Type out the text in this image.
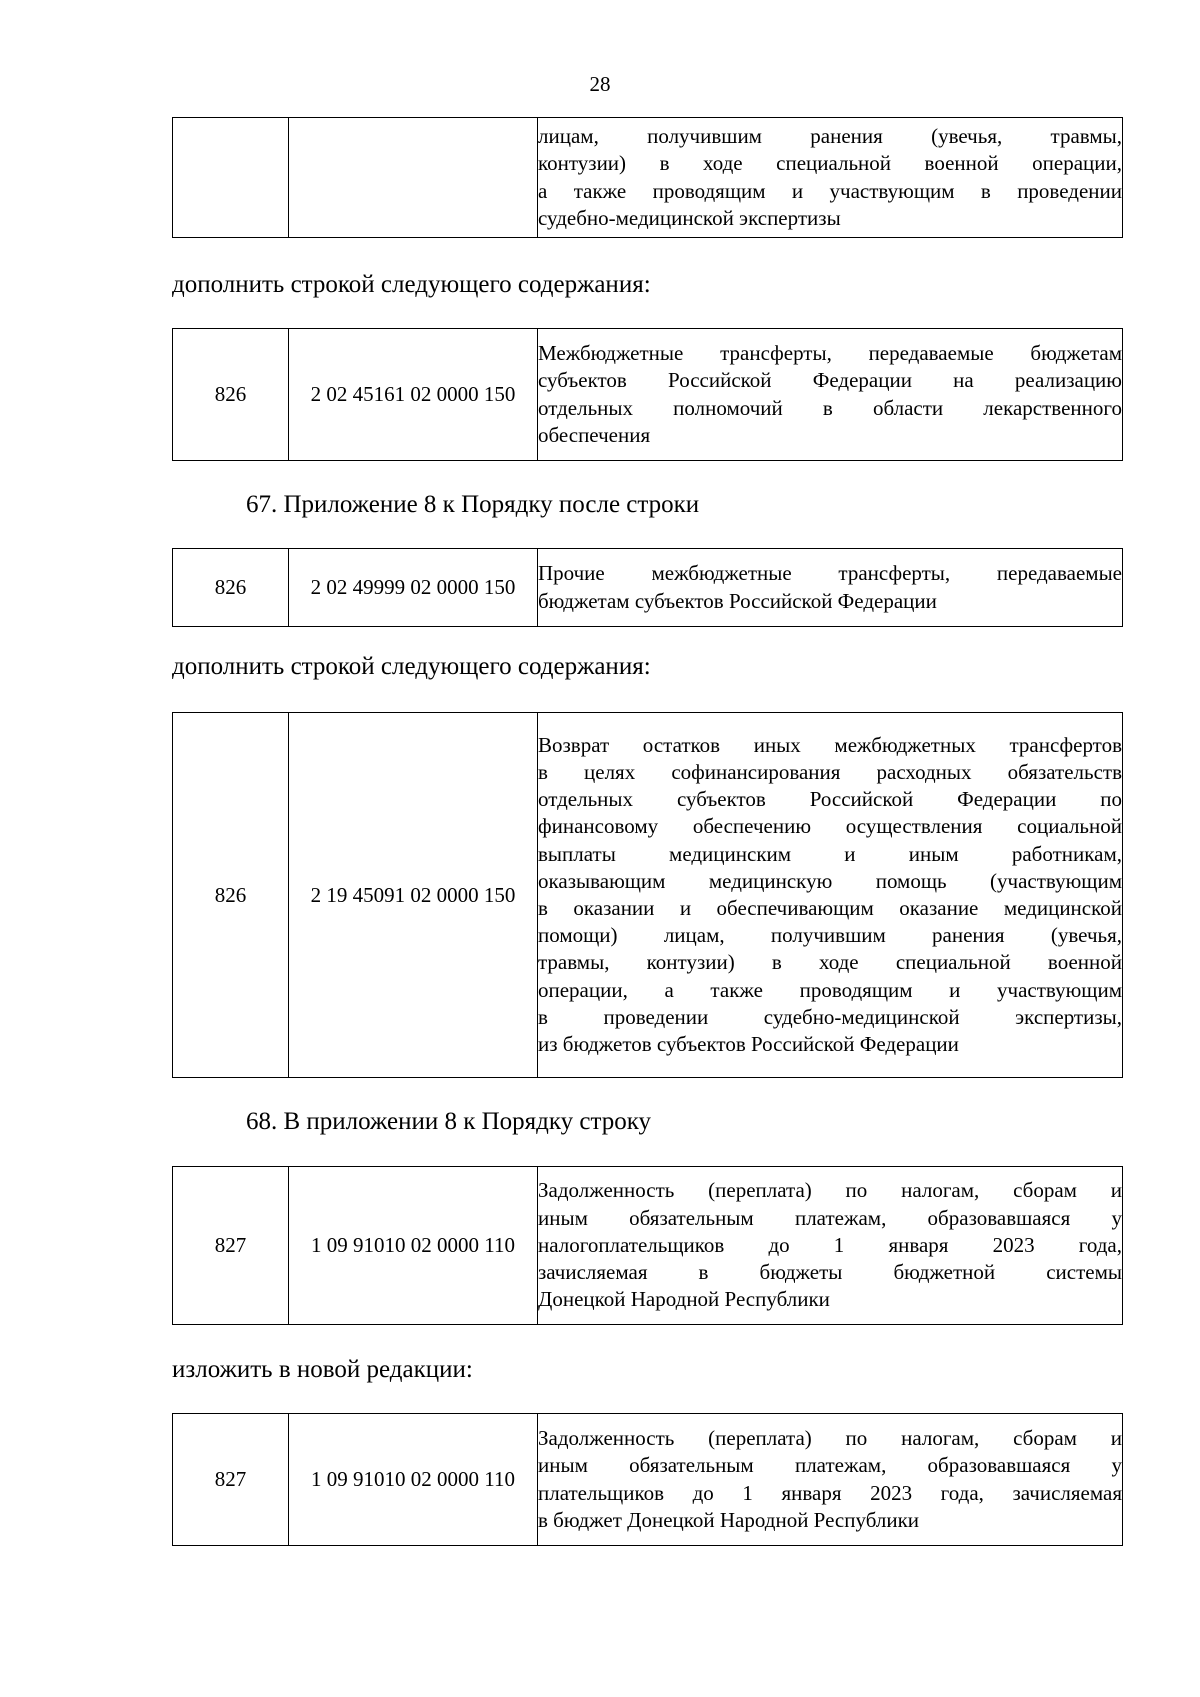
28

лицам, получившим ранения (увечья, травмы,
контузии) в ходе специальной военной операции,
а также проводящим и участвующим в проведении
судебно-медицинской экспертизы
дополнить строкой следующего содержания:
826	2 02 45161 02 0000 150	
Межбюджетные трансферты, передаваемые бюджетам
субъектов Российской Федерации на реализацию
отдельных полномочий в области лекарственного
обеспечения
67. Приложение 8 к Порядку после строки
826	2 02 49999 02 0000 150	
Прочие межбюджетные трансферты, передаваемые
бюджетам субъектов Российской Федерации
дополнить строкой следующего содержания:
826	2 19 45091 02 0000 150	
Возврат остатков иных межбюджетных трансфертов
в целях софинансирования расходных обязательств
отдельных субъектов Российской Федерации по
финансовому обеспечению осуществления социальной
выплаты медицинским и иным работникам,
оказывающим медицинскую помощь (участвующим
в оказании и обеспечивающим оказание медицинской
помощи) лицам, получившим ранения (увечья,
травмы, контузии) в ходе специальной военной
операции, а также проводящим и участвующим
в проведении судебно-медицинской экспертизы,
из бюджетов субъектов Российской Федерации
68. В приложении 8 к Порядку строку
827	1 09 91010 02 0000 110	
Задолженность (переплата) по налогам, сборам и
иным обязательным платежам, образовавшаяся у
налогоплательщиков до 1 января 2023 года,
зачисляемая в бюджеты бюджетной системы
Донецкой Народной Республики
изложить в новой редакции:
827	1 09 91010 02 0000 110	
Задолженность (переплата) по налогам, сборам и
иным обязательным платежам, образовавшаяся у
плательщиков до 1 января 2023 года, зачисляемая
в бюджет Донецкой Народной Республики
